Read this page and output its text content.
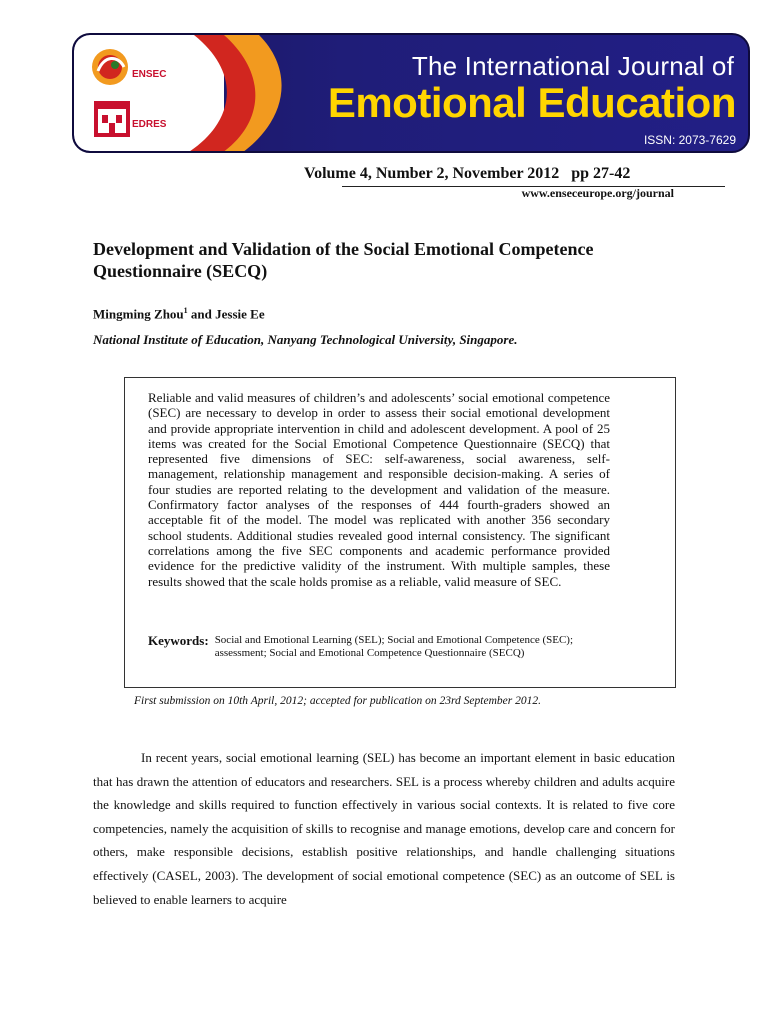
ENSEC
EDRES
The International Journal of
Emotional Education
ISSN: 2073-7629
Volume 4, Number 2, November 2012   pp 27-42
www.enseceurope.org/journal
Development and Validation of the Social Emotional Competence Questionnaire (SECQ)
Mingming Zhou$^1$ and Jessie Ee
National Institute of Education, Nanyang Technological University, Singapore.
Reliable and valid measures of children’s and adolescents’ social emotional competence (SEC) are necessary to develop in order to assess their social emotional development and provide appropriate intervention in child and adolescent development. A pool of 25 items was created for the Social Emotional Competence Questionnaire (SECQ) that represented five dimensions of SEC: self-awareness, social awareness, self-management, relationship management and responsible decision-making. A series of four studies are reported relating to the development and validation of the measure. Confirmatory factor analyses of the responses of 444 fourth-graders showed an acceptable fit of the model. The model was replicated with another 356 secondary school students. Additional studies revealed good internal consistency. The significant correlations among the five SEC components and academic performance provided evidence for the predictive validity of the instrument. With multiple samples, these results showed that the scale holds promise as a reliable, valid measure of SEC.
Keywords: Social and Emotional Learning (SEL); Social and Emotional Competence (SEC); assessment; Social and Emotional Competence Questionnaire (SECQ)
First submission on 10th April, 2012; accepted for publication on 23rd September 2012.

In recent years, social emotional learning (SEL) has become an important element in basic education that has drawn the attention of educators and researchers. SEL is a process whereby children and adults acquire the knowledge and skills required to function effectively in various social contexts. It is related to five core competencies, namely the acquisition of skills to recognise and manage emotions, develop care and concern for others, make responsible decisions, establish positive relationships, and handle challenging situations effectively (CASEL, 2003). The development of social emotional competence (SEC) as an outcome of SEL is believed to enable learners to acquire
